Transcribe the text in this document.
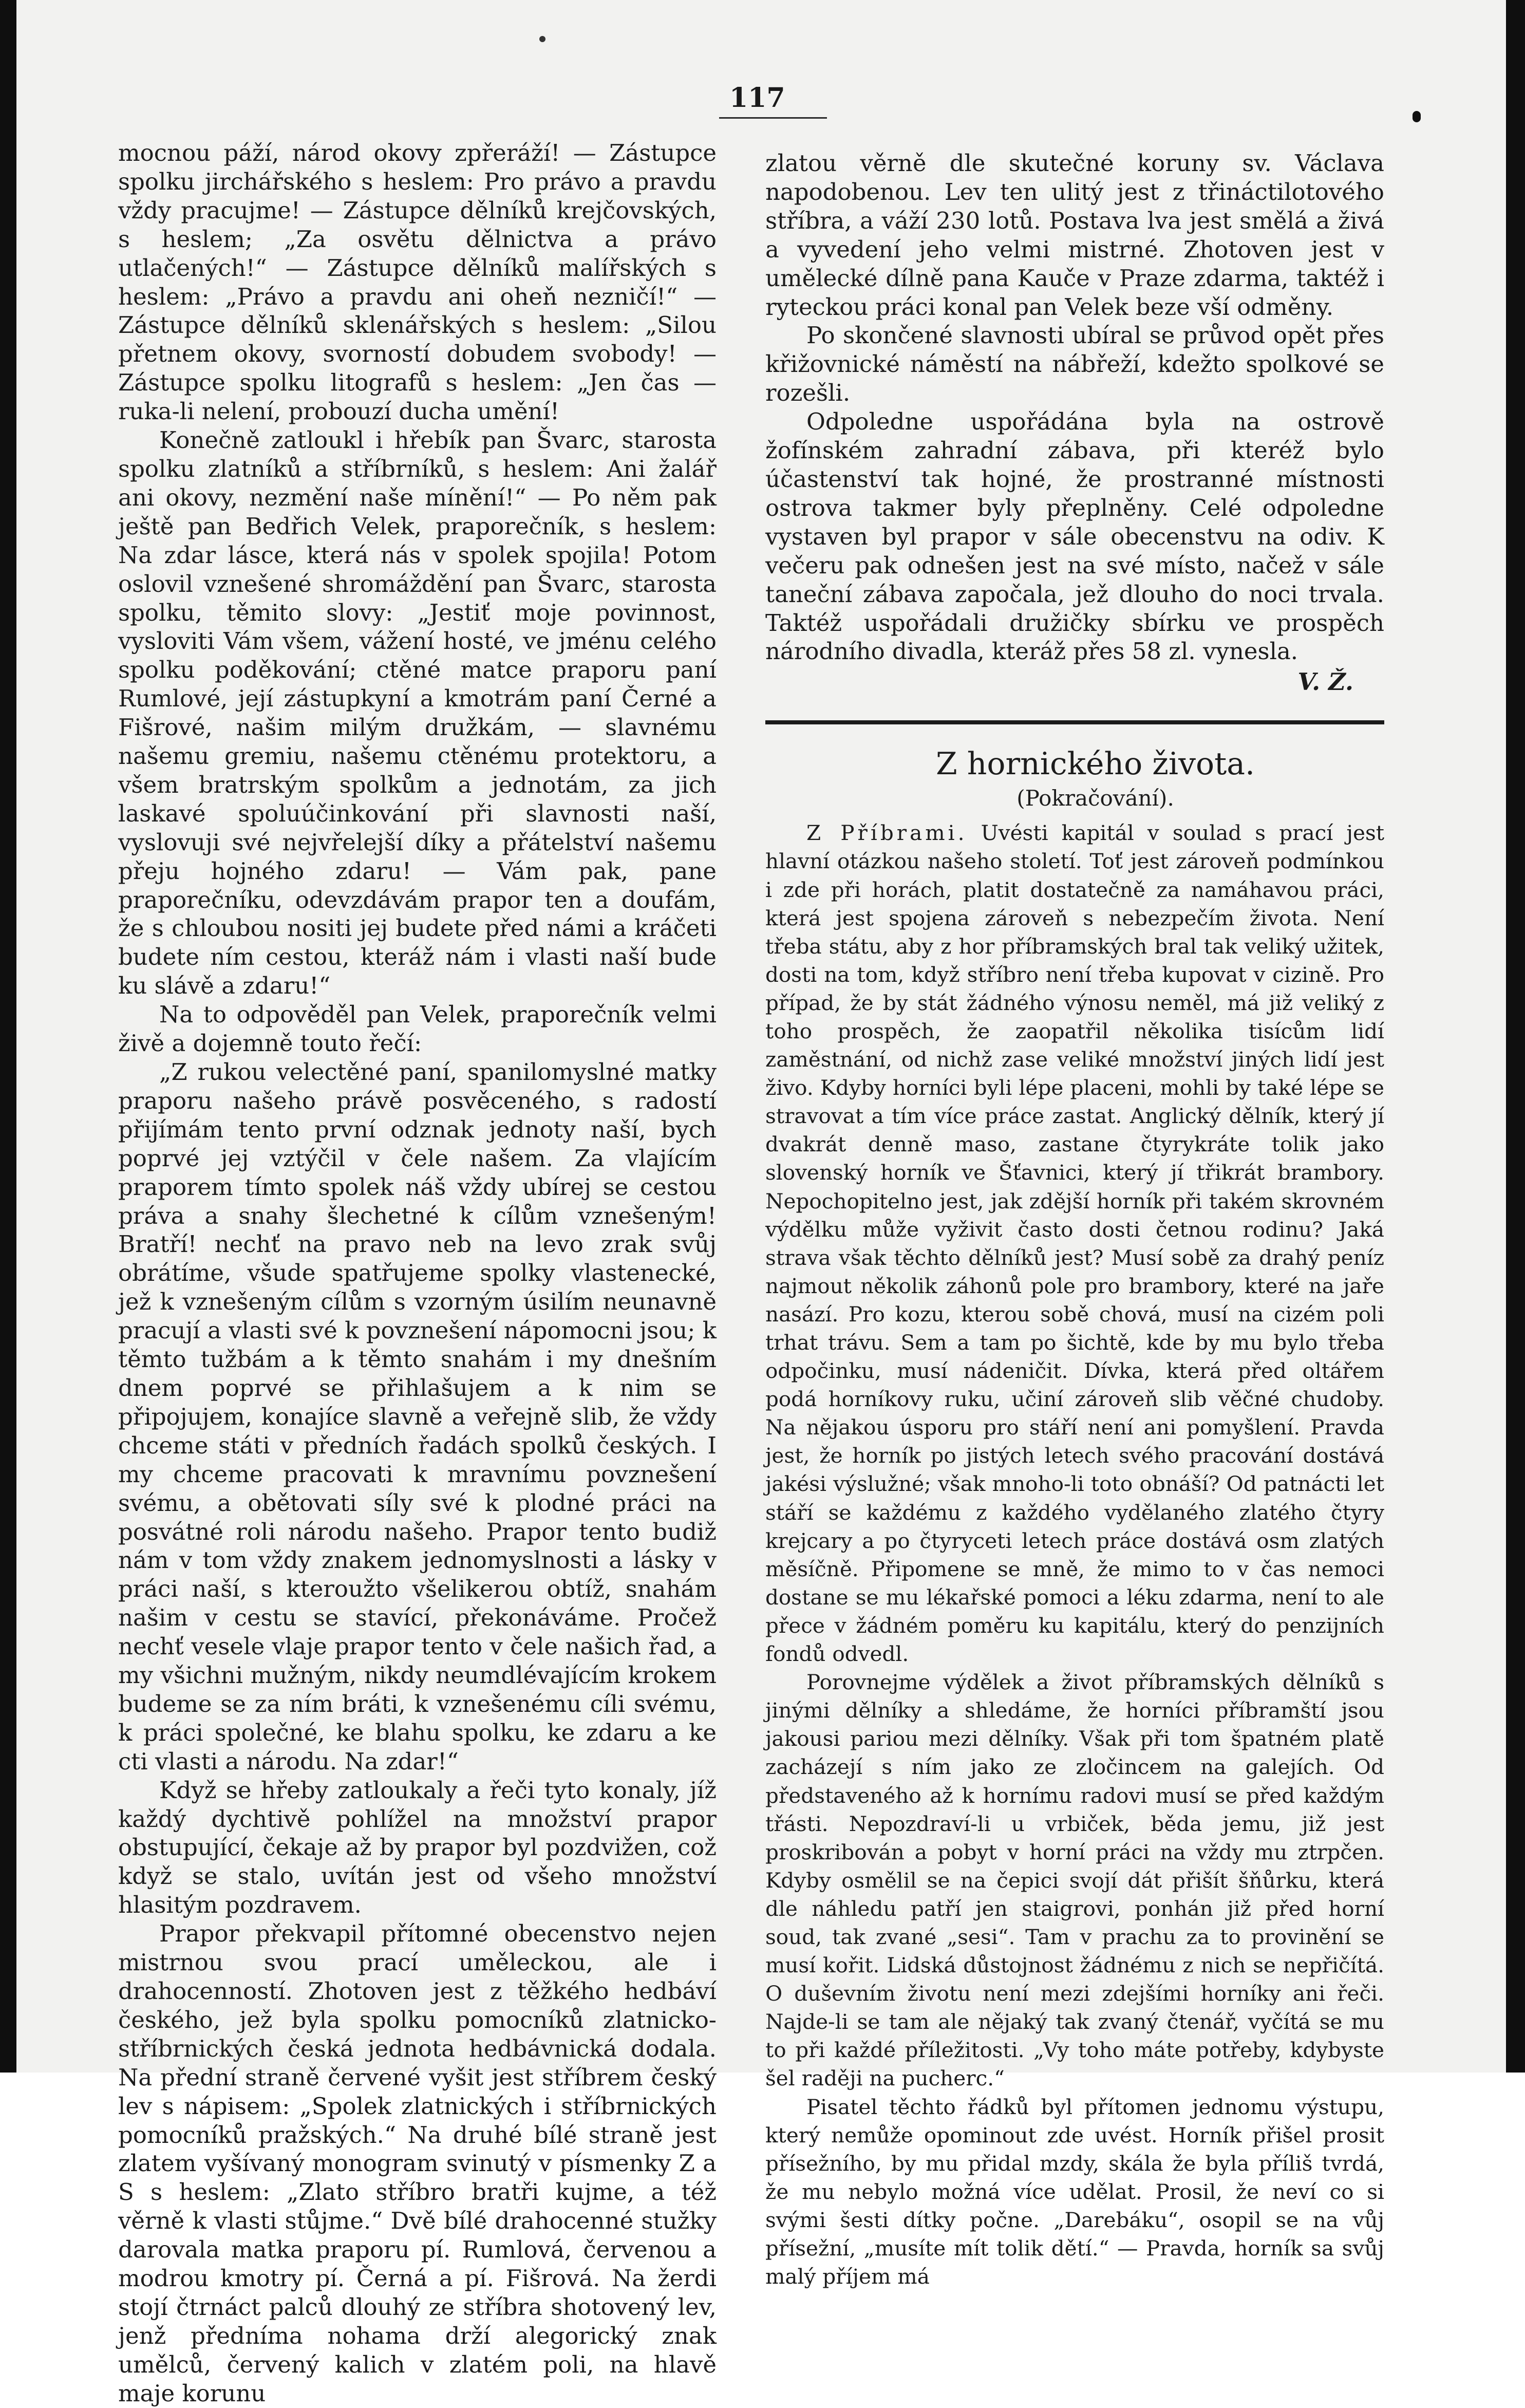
117

mocnou páží, národ okovy zpřeráží! — Zástupce spolku jirchářského s heslem: Pro právo a pravdu vždy pracujme! — Zástupce dělníků krejčovských, s heslem; „Za osvětu dělnictva a právo utlačených!“ — Zástupce dělníků malířských s heslem: „Právo a pravdu ani oheň nezničí!“ — Zástupce dělníků sklenářských s heslem: „Silou přetnem okovy, svorností dobudem svobody! — Zástupce spolku litografů s heslem: „Jen čas — ruka-li nelení, probouzí ducha umění!

Konečně zatloukl i hřebík pan Švarc, starosta spolku zlatníků a stříbrníků, s heslem: Ani žalář ani okovy, nezmění naše mínění!“ — Po něm pak ještě pan Bedřich Velek, praporečník, s heslem: Na zdar lásce, která nás v spolek spojila! Potom oslovil vznešené shromáždění pan Švarc, starosta spolku, těmito slovy: „Jestiť moje povinnost, vysloviti Vám všem, vážení hosté, ve jménu celého spolku poděkování; ctěné matce praporu paní Rumlové, její zástupkyní a kmotrám paní Černé a Fišrové, našim milým družkám, — slavnému našemu gremiu, našemu ctěnému protektoru, a všem bratrským spolkům a jednotám, za jich laskavé spoluúčinkování při slavnosti naší, vyslovuji své nejvřelejší díky a přátelství našemu přeju hojného zdaru! — Vám pak, pane praporečníku, odevzdávám prapor ten a doufám, že s chloubou nositi jej budete před námi a kráčeti budete ním cestou, kteráž nám i vlasti naší bude ku slávě a zdaru!“

Na to odpověděl pan Velek, praporečník velmi živě a dojemně touto řečí:

„Z rukou velectěné paní, spanilomyslné matky praporu našeho právě posvěceného, s radostí přijímám tento první odznak jednoty naší, bych poprvé jej vztýčil v čele našem. Za vlajícím praporem tímto spolek náš vždy ubírej se cestou práva a snahy šlechetné k cílům vznešeným! Bratří! nechť na pravo neb na levo zrak svůj obrátíme, všude spatřujeme spolky vlastenecké, jež k vznešeným cílům s vzorným úsilím neunavně pracují a vlasti své k povznešení nápomocni jsou; k těmto tužbám a k těmto snahám i my dnešním dnem poprvé se přihlašujem a k nim se připojujem, konajíce slavně a veřejně slib, že vždy chceme státi v předních řadách spolků českých. I my chceme pracovati k mravnímu povznešení svému, a obětovati síly své k plodné práci na posvátné roli národu našeho. Prapor tento budiž nám v tom vždy znakem jednomyslnosti a lásky v práci naší, s kteroužto všelikerou obtíž, snahám našim v cestu se stavící, překonáváme. Pročež nechť vesele vlaje prapor tento v čele našich řad, a my všichni mužným, nikdy neumdlévajícím krokem budeme se za ním bráti, k vznešenému cíli svému, k práci společné, ke blahu spolku, ke zdaru a ke cti vlasti a národu. Na zdar!“

Když se hřeby zatloukaly a řeči tyto konaly, jíž každý dychtivě pohlížel na množství prapor obstupující, čekaje až by prapor byl pozdvižen, což když se stalo, uvítán jest od všeho množství hlasitým pozdravem.

Prapor překvapil přítomné obecenstvo nejen mistrnou svou prací uměleckou, ale i drahocenností. Zhotoven jest z těžkého hedbáví českého, jež byla spolku pomocníků zlatnicko-stříbrnických česká jednota hedbávnická dodala. Na přední straně červené vyšit jest stříbrem český lev s nápisem: „Spolek zlatnických i stříbrnických pomocníků pražských.“ Na druhé bílé straně jest zlatem vyšívaný monogram svinutý v písmenky Z a S s heslem: „Zlato stříbro bratři kujme, a též věrně k vlasti stůjme.“ Dvě bílé drahocenné stužky darovala matka praporu pí. Rumlová, červenou a modrou kmotry pí. Černá a pí. Fišrová. Na žerdi stojí čtrnáct palců dlouhý ze stříbra shotovený lev, jenž předníma nohama drží alegorický znak umělců, červený kalich v zlatém poli, na hlavě maje korunu

zlatou věrně dle skutečné koruny sv. Václava napodobenou. Lev ten ulitý jest z třináctilotového stříbra, a váží 230 lotů. Postava lva jest smělá a živá a vyvedení jeho velmi mistrné. Zhotoven jest v umělecké dílně pana Kauče v Praze zdarma, taktéž i ryteckou práci konal pan Velek beze vší odměny.

Po skončené slavnosti ubíral se průvod opět přes křižovnické náměstí na nábřeží, kdežto spolkové se rozešli.

Odpoledne uspořádána byla na ostrově žofínském zahradní zábava, při kteréž bylo účastenství tak hojné, že prostranné místnosti ostrova takmer byly přeplněny. Celé odpoledne vystaven byl prapor v sále obecenstvu na odiv. K večeru pak odnešen jest na své místo, načež v sále taneční zábava započala, jež dlouho do noci trvala. Taktéž uspořádali družičky sbírku ve prospěch národního divadla, kteráž přes 58 zl. vynesla.

V. Ž.

Z hornického života.

(Pokračování).

Z Příbrami. Uvésti kapitál v soulad s prací jest hlavní otázkou našeho století. Toť jest zároveň podmínkou i zde při horách, platit dostatečně za namáhavou práci, která jest spojena zároveň s nebezpečím života. Není třeba státu, aby z hor příbramských bral tak veliký užitek, dosti na tom, když stříbro není třeba kupovat v cizině. Pro případ, že by stát žádného výnosu neměl, má již veliký z toho prospěch, že zaopatřil několika tisícům lidí zaměstnání, od nichž zase veliké množství jiných lidí jest živo. Kdyby horníci byli lépe placeni, mohli by také lépe se stravovat a tím více práce zastat. Anglický dělník, který jí dvakrát denně maso, zastane čtyrykráte tolik jako slovenský horník ve Šťavnici, který jí třikrát brambory. Nepochopitelno jest, jak zdější horník při takém skrovném výdělku může vyživit často dosti četnou rodinu? Jaká strava však těchto dělníků jest? Musí sobě za drahý peníz najmout několik záhonů pole pro brambory, které na jaře nasází. Pro kozu, kterou sobě chová, musí na cizém poli trhat trávu. Sem a tam po šichtě, kde by mu bylo třeba odpočinku, musí nádeničit. Dívka, která před oltářem podá horníkovy ruku, učiní zároveň slib věčné chudoby. Na nějakou úsporu pro stáří není ani pomyšlení. Pravda jest, že horník po jistých letech svého pracování dostává jakési výslužné; však mnoho-li toto obnáší? Od patnácti let stáří se každému z každého vydělaného zlatého čtyry krejcary a po čtyryceti letech práce dostává osm zlatých měsíčně. Připomene se mně, že mimo to v čas nemoci dostane se mu lékařské pomoci a léku zdarma, není to ale přece v žádném poměru ku kapitálu, který do penzijních fondů odvedl.

Porovnejme výdělek a život příbramských dělníků s jinými dělníky a shledáme, že horníci příbramští jsou jakousi pariou mezi dělníky. Však při tom špatném platě zacházejí s ním jako ze zločincem na galejích. Od představeného až k hornímu radovi musí se před každým třásti. Nepozdraví-li u vrbiček, běda jemu, již jest proskribován a pobyt v horní práci na vždy mu ztrpčen. Kdyby osmělil se na čepici svojí dát přišít šňůrku, která dle náhledu patří jen staigrovi, ponhán již před horní soud, tak zvané „sesi“. Tam v prachu za to provinění se musí kořit. Lidská důstojnost žádnému z nich se nepřičítá. O duševním životu není mezi zdejšími horníky ani řeči. Najde-li se tam ale nějaký tak zvaný čtenář, vyčítá se mu to při každé příležitosti. „Vy toho máte potřeby, kdybyste šel raději na pucherc.“

Pisatel těchto řádků byl přítomen jednomu výstupu, který nemůže opominout zde uvést. Horník přišel prosit přísežního, by mu přidal mzdy, skála že byla příliš tvrdá, že mu nebylo možná více udělat. Prosil, že neví co si svými šesti dítky počne. „Darebáku“, osopil se na vůj přísežní, „musíte mít tolik dětí.“ — Pravda, horník sa svůj malý příjem má
